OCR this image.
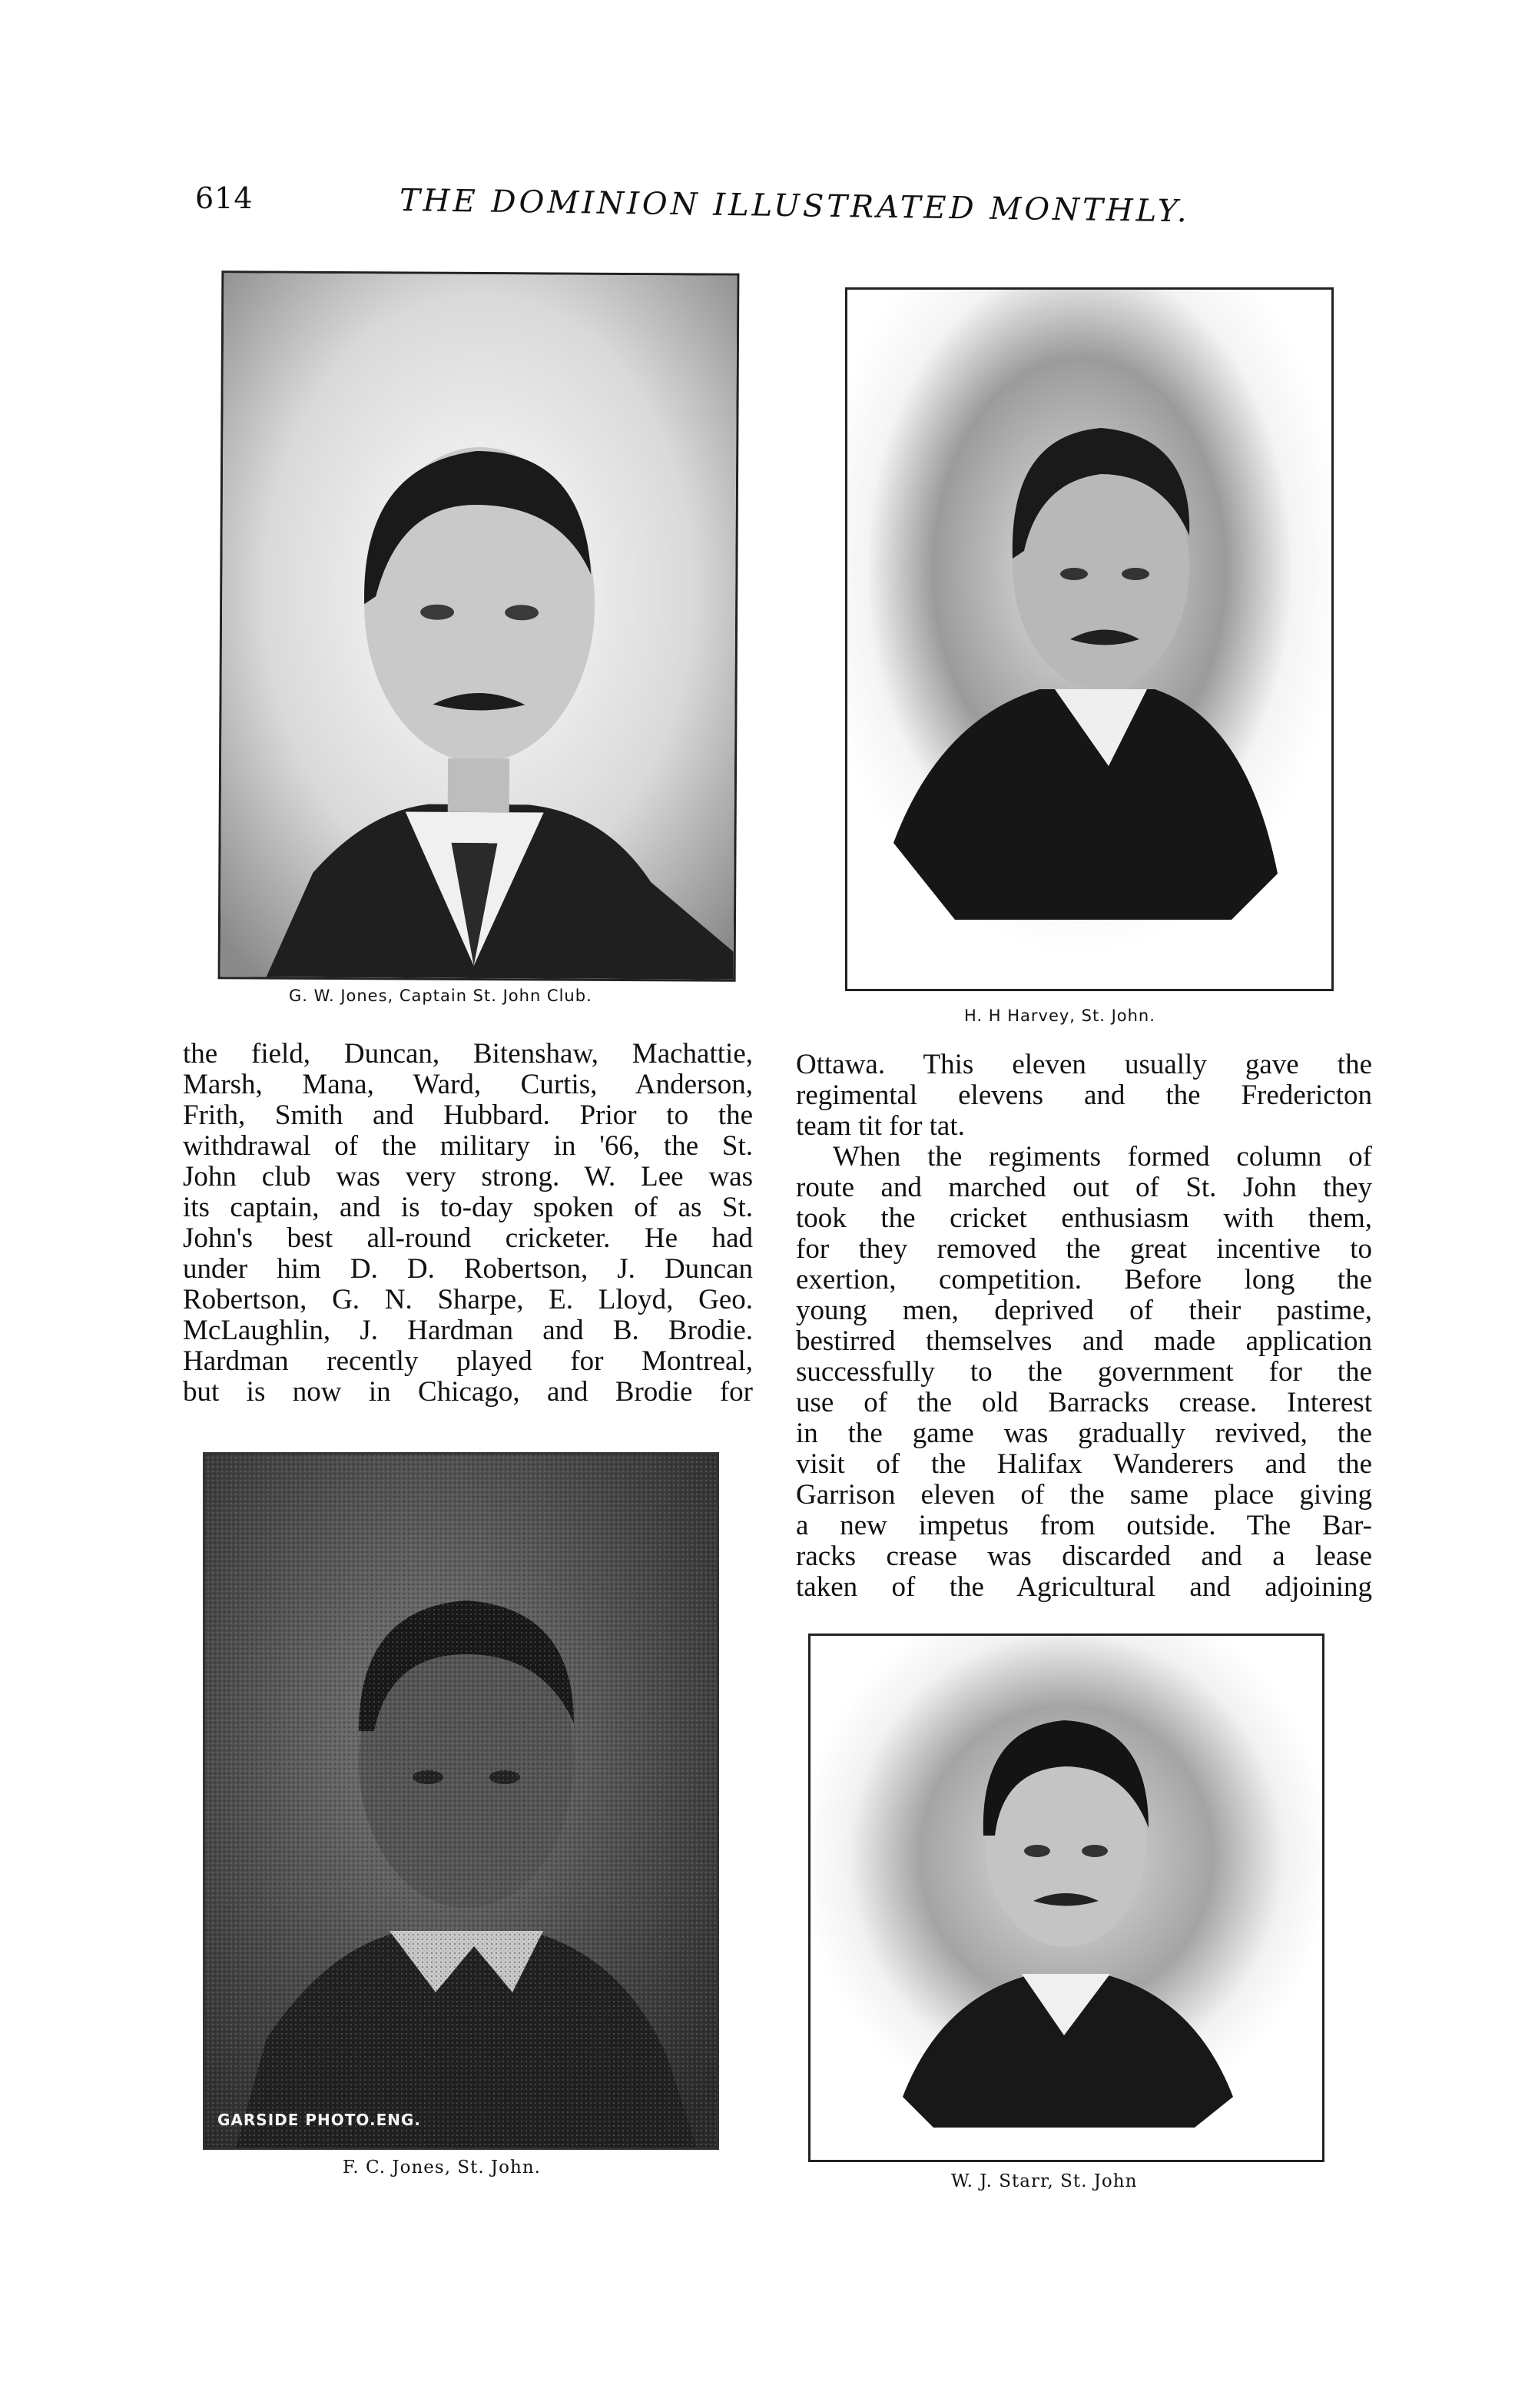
614	THE DOMINION ILLUSTRATED MONTHLY.
G. W. Jones, Captain St. John Club.
H. H Harvey, St. John.
the field, Duncan, Bitenshaw, Machattie,
Marsh, Mana, Ward, Curtis, Anderson,
Frith, Smith and Hubbard. Prior to the
withdrawal of the military in '66, the St.
John club was very strong. W. Lee was
its captain, and is to-day spoken of as St.
John's best all-round cricketer. He had
under him D. D. Robertson, J. Duncan
Robertson, G. N. Sharpe, E. Lloyd, Geo.
McLaughlin, J. Hardman and B. Brodie.
Hardman recently played for Montreal,
but is now in Chicago, and Brodie for
Ottawa. This eleven usually gave the
regimental elevens and the Fredericton
team tit for tat.
When the regiments formed column of
route and marched out of St. John they
took the cricket enthusiasm with them,
for they removed the great incentive to
exertion, competition. Before long the
young men, deprived of their pastime,
bestirred themselves and made application
successfully to the government for the
use of the old Barracks crease. Interest
in the game was gradually revived, the
visit of the Halifax Wanderers and the
Garrison eleven of the same place giving
a new impetus from outside. The Bar-
racks crease was discarded and a lease
taken of the Agricultural and adjoining
GARSIDE PHOTO.ENG.
F. C. Jones, St. John.
W. J. Starr, St. John
